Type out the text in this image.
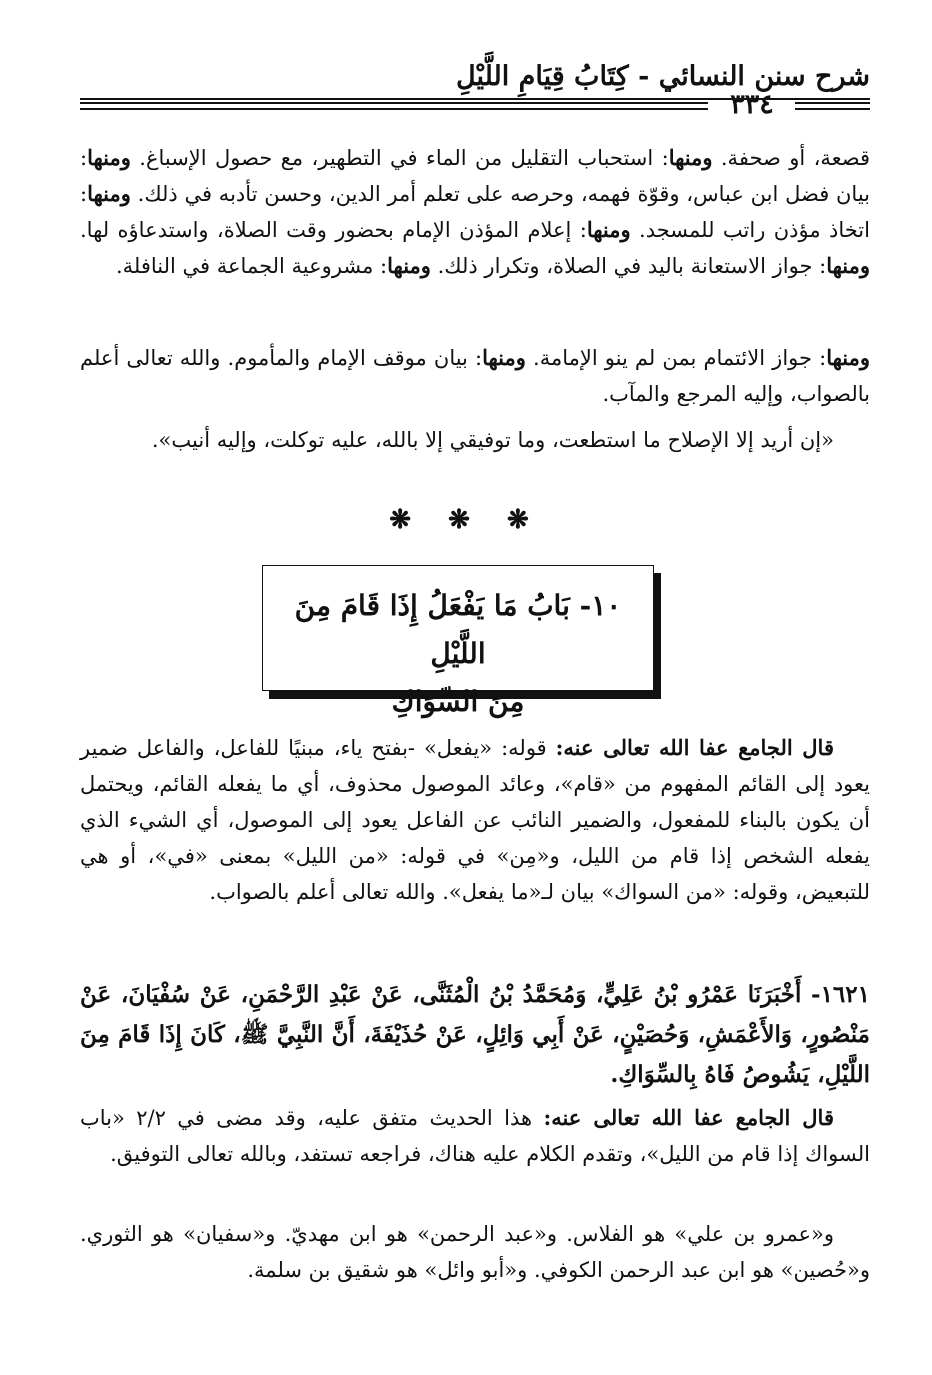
شرح سنن النسائي - كِتَابُ قِيَامِ اللَّيْلِ
٣٣٤

قصعة، أو صحفة. ومنها: استحباب التقليل من الماء في التطهير، مع حصول الإسباغ. ومنها: بيان فضل ابن عباس، وقوّة فهمه، وحرصه على تعلم أمر الدين، وحسن تأدبه في ذلك. ومنها: اتخاذ مؤذن راتب للمسجد. ومنها: إعلام المؤذن الإمام بحضور وقت الصلاة، واستدعاؤه لها. ومنها: جواز الاستعانة باليد في الصلاة، وتكرار ذلك. ومنها: مشروعية الجماعة في النافلة.

ومنها: جواز الائتمام بمن لم ينو الإمامة. ومنها: بيان موقف الإمام والمأموم. والله تعالى أعلم بالصواب، وإليه المرجع والمآب.

«إن أريد إلا الإصلاح ما استطعت، وما توفيقي إلا بالله، عليه توكلت، وإليه أنيب».

❋ ❋ ❋
١٠- بَابُ مَا يَفْعَلُ إِذَا قَامَ مِنَ اللَّيْلِ
مِنَ السِّوَاكِ

قال الجامع عفا الله تعالى عنه: قوله: «يفعل» -بفتح ياء، مبنيًا للفاعل، والفاعل ضمير يعود إلى القائم المفهوم من «قام»، وعائد الموصول محذوف، أي ما يفعله القائم، ويحتمل أن يكون بالبناء للمفعول، والضمير النائب عن الفاعل يعود إلى الموصول، أي الشيء الذي يفعله الشخص إذا قام من الليل، و«مِن» في قوله: «من الليل» بمعنى «في»، أو هي للتبعيض، وقوله: «من السواك» بيان لـ«ما يفعل». والله تعالى أعلم بالصواب.

١٦٢١- أَخْبَرَنَا عَمْرُو بْنُ عَلِيٍّ، وَمُحَمَّدُ بْنُ الْمُثَنَّى، عَنْ عَبْدِ الرَّحْمَنِ، عَنْ سُفْيَانَ، عَنْ مَنْصُورٍ، وَالأَعْمَشِ، وَحُصَيْنٍ، عَنْ أَبِي وَائِلٍ، عَنْ حُذَيْفَةَ، أَنَّ النَّبِيَّ ﷺ، كَانَ إِذَا قَامَ مِنَ اللَّيْلِ، يَشُوصُ فَاهُ بِالسِّوَاكِ.

قال الجامع عفا الله تعالى عنه: هذا الحديث متفق عليه، وقد مضى في ٢/٢ «باب السواك إذا قام من الليل»، وتقدم الكلام عليه هناك، فراجعه تستفد، وبالله تعالى التوفيق.

و«عمرو بن علي» هو الفلاس. و«عبد الرحمن» هو ابن مهديّ. و«سفيان» هو الثوري. و«حُصين» هو ابن عبد الرحمن الكوفي. و«أبو وائل» هو شقيق بن سلمة.
